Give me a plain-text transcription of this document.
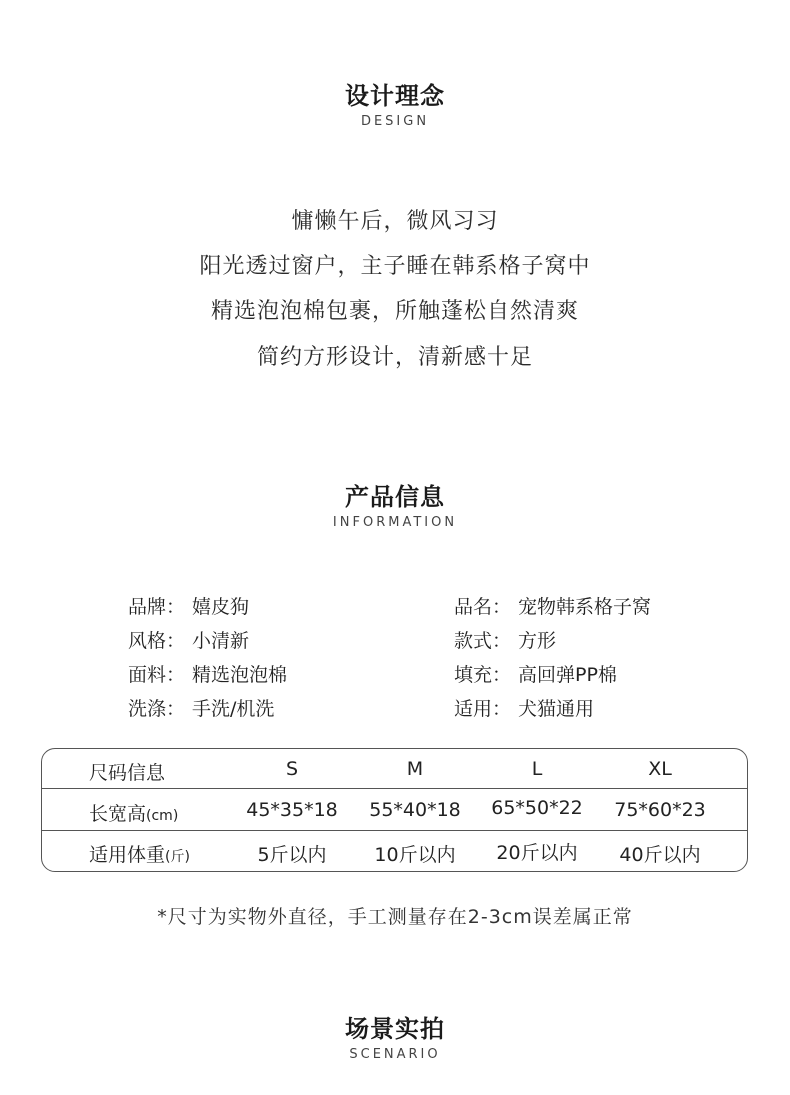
设计理念
DESIGN
慵懒午后，微风习习
阳光透过窗户，主子睡在韩系格子窝中
精选泡泡棉包裹，所触蓬松自然清爽
简约方形设计，清新感十足
产品信息
INFORMATION
品牌： 嬉皮狗
风格： 小清新
面料： 精选泡泡棉
洗涤： 手洗/机洗
品名： 宠物韩系格子窝
款式： 方形
填充： 高回弹PP棉
适用： 犬猫通用
尺码信息	S	M	L	XL
长宽高(cm)	45*35*18	55*40*18	65*50*22	75*60*23
适用体重(斤)	5斤以内	10斤以内	20斤以内	40斤以内
*尺寸为实物外直径，手工测量存在2-3cm误差属正常
场景实拍
SCENARIO
